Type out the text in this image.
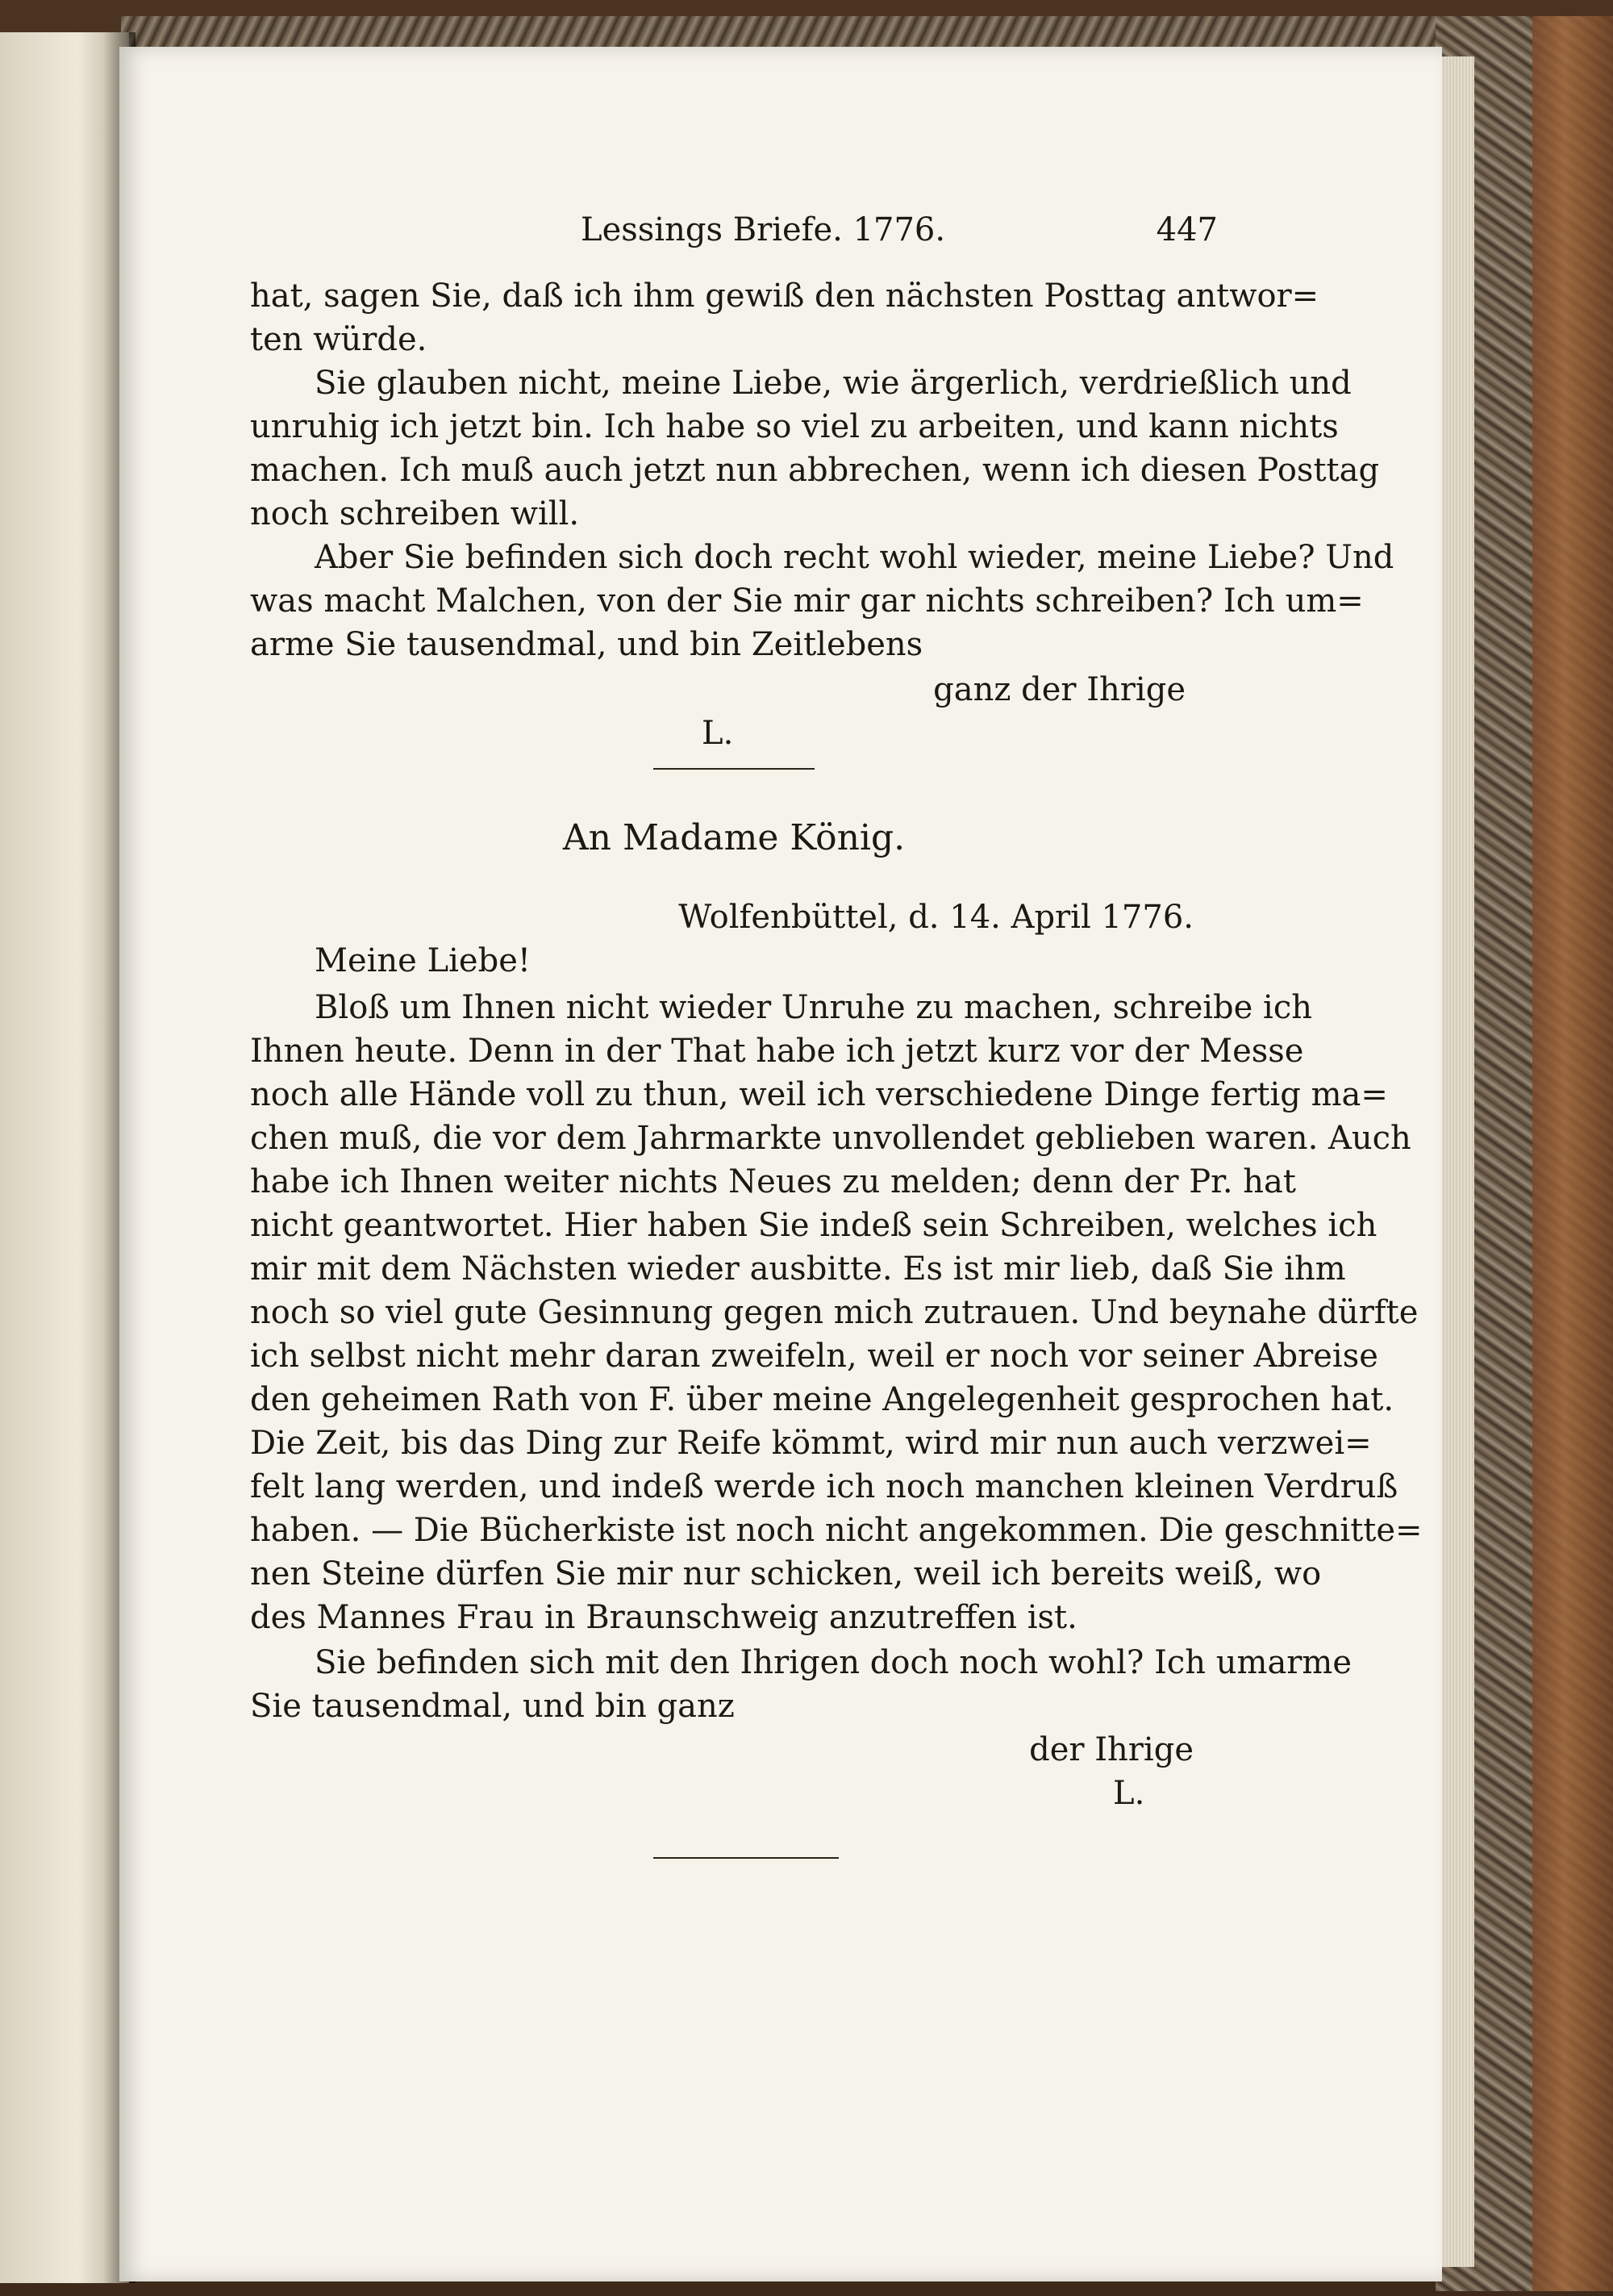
Lessings Briefe. 1776.	447
hat, sagen Sie, daß ich ihm gewiß den nächsten Posttag antwor=
ten würde.
Sie glauben nicht, meine Liebe, wie ärgerlich, verdrießlich und
unruhig ich jetzt bin. Ich habe so viel zu arbeiten, und kann nichts
machen. Ich muß auch jetzt nun abbrechen, wenn ich diesen Posttag
noch schreiben will.
Aber Sie befinden sich doch recht wohl wieder, meine Liebe? Und
was macht Malchen, von der Sie mir gar nichts schreiben? Ich um=
arme Sie tausendmal, und bin Zeitlebens
ganz der Ihrige
L.
An Madame König.
Wolfenbüttel, d. 14. April 1776.
Meine Liebe!
Bloß um Ihnen nicht wieder Unruhe zu machen, schreibe ich
Ihnen heute. Denn in der That habe ich jetzt kurz vor der Messe
noch alle Hände voll zu thun, weil ich verschiedene Dinge fertig ma=
chen muß, die vor dem Jahrmarkte unvollendet geblieben waren. Auch
habe ich Ihnen weiter nichts Neues zu melden; denn der Pr. hat
nicht geantwortet. Hier haben Sie indeß sein Schreiben, welches ich
mir mit dem Nächsten wieder ausbitte. Es ist mir lieb, daß Sie ihm
noch so viel gute Gesinnung gegen mich zutrauen. Und beynahe dürfte
ich selbst nicht mehr daran zweifeln, weil er noch vor seiner Abreise
den geheimen Rath von F. über meine Angelegenheit gesprochen hat.
Die Zeit, bis das Ding zur Reife kömmt, wird mir nun auch verzwei=
felt lang werden, und indeß werde ich noch manchen kleinen Verdruß
haben. — Die Bücherkiste ist noch nicht angekommen. Die geschnitte=
nen Steine dürfen Sie mir nur schicken, weil ich bereits weiß, wo
des Mannes Frau in Braunschweig anzutreffen ist.
Sie befinden sich mit den Ihrigen doch noch wohl? Ich umarme
Sie tausendmal, und bin ganz
der Ihrige
L.
